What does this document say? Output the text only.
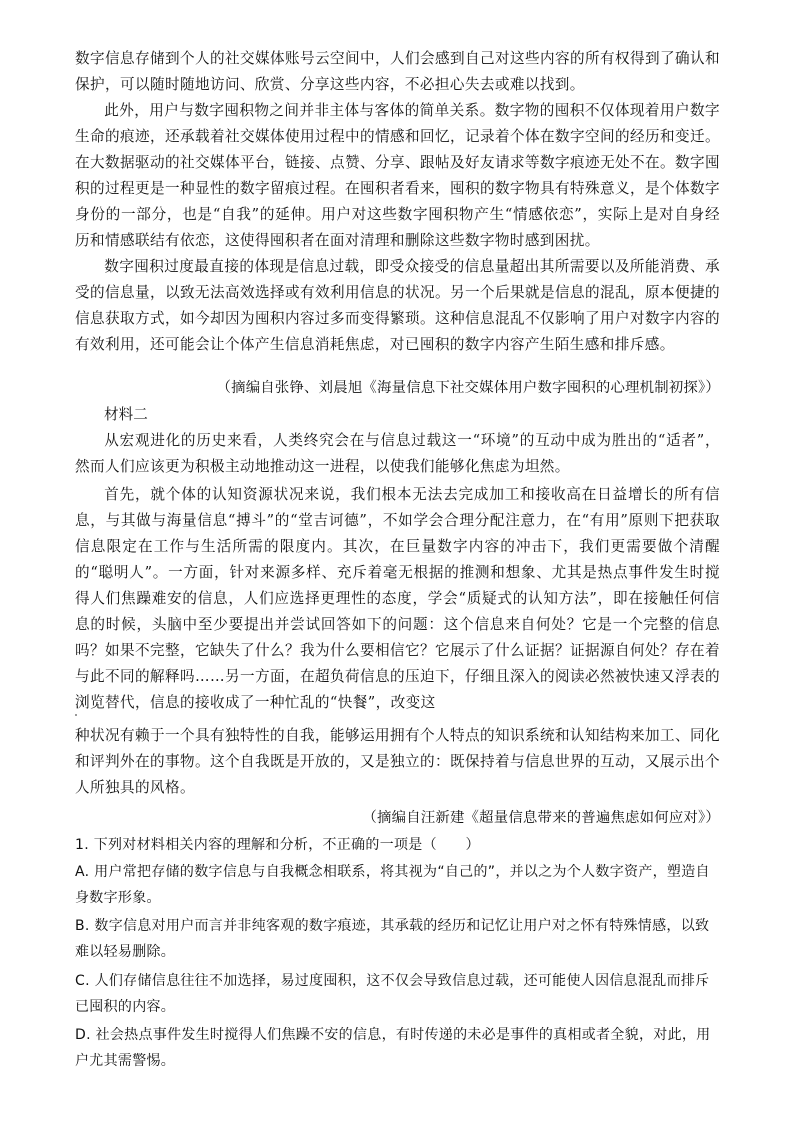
数字信息存储到个人的社交媒体账号云空间中，人们会感到自己对这些内容的所有权得到了确认和保护，可以随时随地访问、欣赏、分享这些内容，不必担心失去或难以找到。

此外，用户与数字囤积物之间并非主体与客体的简单关系。数字物的囤积不仅体现着用户数字生命的痕迹，还承载着社交媒体使用过程中的情感和回忆，记录着个体在数字空间的经历和变迁。在大数据驱动的社交媒体平台，链接、点赞、分享、跟帖及好友请求等数字痕迹无处不在。数字囤积的过程更是一种显性的数字留痕过程。在囤积者看来，囤积的数字物具有特殊意义，是个体数字身份的一部分，也是“自我”的延伸。用户对这些数字囤积物产生“情感依恋”，实际上是对自身经历和情感联结有依恋，这使得囤积者在面对清理和删除这些数字物时感到困扰。

数字囤积过度最直接的体现是信息过载，即受众接受的信息量超出其所需要以及所能消费、承受的信息量，以致无法高效选择或有效利用信息的状况。另一个后果就是信息的混乱，原本便捷的信息获取方式，如今却因为囤积内容过多而变得繁琐。这种信息混乱不仅影响了用户对数字内容的有效利用，还可能会让个体产生信息消耗焦虑，对已囤积的数字内容产生陌生感和排斥感。

（摘编自张铮、刘晨旭《海量信息下社交媒体用户数字囤积的心理机制初探》）

材料二

从宏观进化的历史来看，人类终究会在与信息过载这一“环境”的互动中成为胜出的“适者”，然而人们应该更为积极主动地推动这一进程，以使我们能够化焦虑为坦然。

首先，就个体的认知资源状况来说，我们根本无法去完成加工和接收高在日益增长的所有信息，与其做与海量信息“搏斗”的“堂吉诃德”，不如学会合理分配注意力，在“有用”原则下把获取信息限定在工作与生活所需的限度内。其次，在巨量数字内容的冲击下，我们更需要做个清醒的“聪明人”。一方面，针对来源多样、充斥着毫无根据的推测和想象、尤其是热点事件发生时搅得人们焦躁难安的信息，人们应选择更理性的态度，学会“质疑式的认知方法”，即在接触任何信息的时候，头脑中至少要提出并尝试回答如下的问题：这个信息来自何处？它是一个完整的信息吗？如果不完整，它缺失了什么？我为什么要相信它？它展示了什么证据？证据源自何处？存在着与此不同的解释吗……另一方面，在超负荷信息的压迫下，仔细且深入的阅读必然被快速又浮表的浏览替代，信息的接收成了一种忙乱的“快餐”，改变这

种状况有赖于一个具有独特性的自我，能够运用拥有个人特点的知识系统和认知结构来加工、同化和评判外在的事物。这个自我既是开放的，又是独立的：既保持着与信息世界的互动，又展示出个人所独具的风格。

（摘编自汪新建《超量信息带来的普遍焦虑如何应对》）

1. 下列对材料相关内容的理解和分析，不正确的一项是（　　）

A. 用户常把存储的数字信息与自我概念相联系，将其视为“自己的”，并以之为个人数字资产，塑造自身数字形象。

B. 数字信息对用户而言并非纯客观的数字痕迹，其承载的经历和记忆让用户对之怀有特殊情感，以致难以轻易删除。

C. 人们存储信息往往不加选择，易过度囤积，这不仅会导致信息过载，还可能使人因信息混乱而排斥已囤积的内容。

D. 社会热点事件发生时搅得人们焦躁不安的信息，有时传递的未必是事件的真相或者全貌，对此，用户尤其需警惕。
